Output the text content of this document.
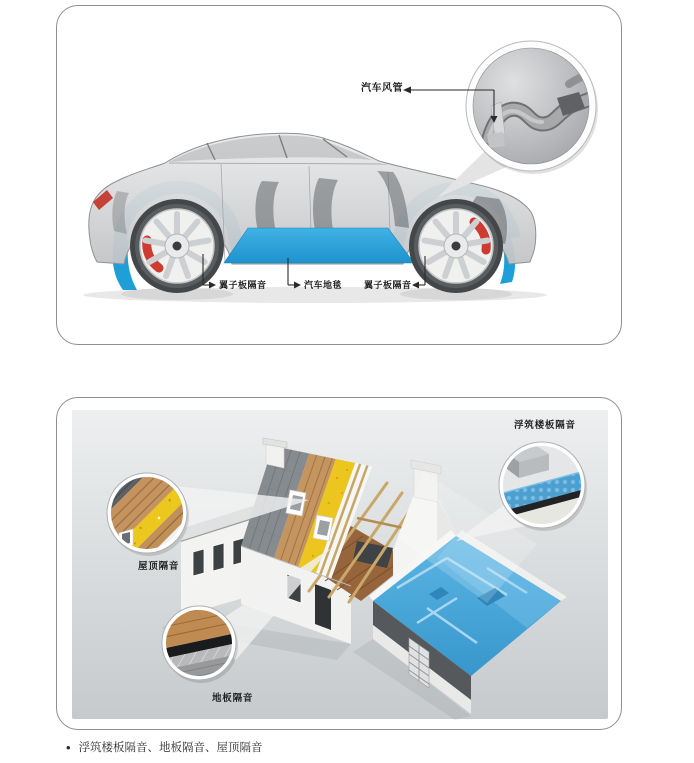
汽车风管
翼子板隔音	汽车地毯 翼子板隔音
浮筑楼板隔音
屋顶隔音
地板隔音
• 浮筑楼板隔音、地板隔音、屋顶隔音
